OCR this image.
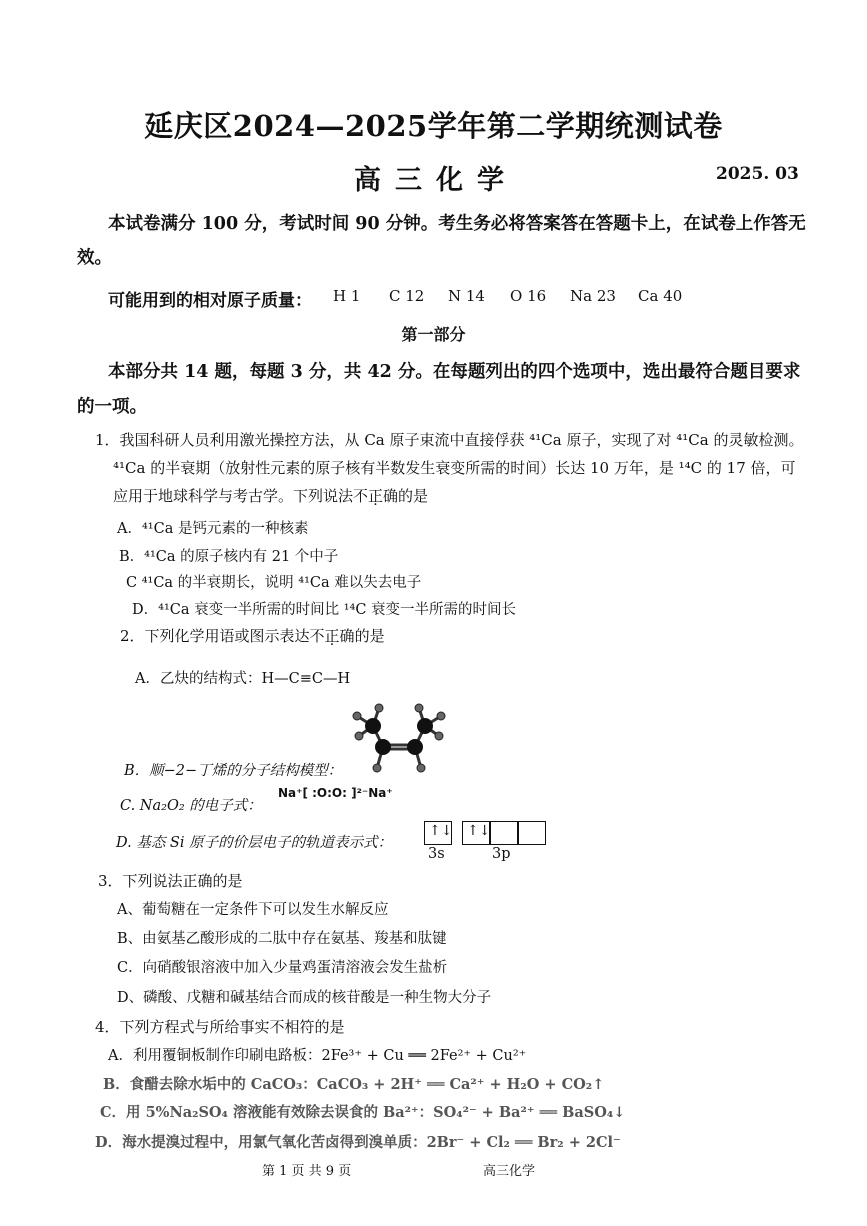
延庆区2024—2025学年第二学期统测试卷
高三化学	2025. 03
本试卷满分 100 分，考试时间 90 分钟。考生务必将答案答在答题卡上，在试卷上作答无
效。
可能用到的相对原子质量： H 1 C 12 N 14 O 16 Na 23 Ca 40
第一部分
本部分共 14 题，每题 3 分，共 42 分。在每题列出的四个选项中，选出最符合题目要求
的一项。
1．我国科研人员利用激光操控方法，从 Ca 原子束流中直接俘获 ⁴¹Ca 原子，实现了对 ⁴¹Ca 的灵敏检测。
⁴¹Ca 的半衰期（放射性元素的原子核有半数发生衰变所需的时间）长达 10 万年，是 ¹⁴C 的 17 倍，可
应用于地球科学与考古学。下列说法不正确的是
A．⁴¹Ca 是钙元素的一种核素
B．⁴¹Ca 的原子核内有 21 个中子
C ⁴¹Ca 的半衰期长，说明 ⁴¹Ca 难以失去电子
D．⁴¹Ca 衰变一半所需的时间比 ¹⁴C 衰变一半所需的时间长
2．下列化学用语或图示表达不正确的是
A．乙炔的结构式：H—C≡C—H
B．顺−2−丁烯的分子结构模型：
C. Na₂O₂ 的电子式：
Na⁺[ :O:O: ]²⁻Na⁺
D. 基态 Si 原子的价层电子的轨道表示式：
↑↓ ↑↓
3s	3p
3．下列说法正确的是
A、葡萄糖在一定条件下可以发生水解反应
B、由氨基乙酸形成的二肽中存在氨基、羧基和肽键
C．向硝酸银溶液中加入少量鸡蛋清溶液会发生盐析
D、磷酸、戊糖和碱基结合而成的核苷酸是一种生物大分子
4．下列方程式与所给事实不相符的是
A．利用覆铜板制作印刷电路板：2Fe³⁺ + Cu ══ 2Fe²⁺ + Cu²⁺
B．食醋去除水垢中的 CaCO₃：CaCO₃ + 2H⁺ ══ Ca²⁺ + H₂O + CO₂↑
C．用 5%Na₂SO₄ 溶液能有效除去误食的 Ba²⁺：SO₄²⁻ + Ba²⁺ ══ BaSO₄↓
D．海水提溴过程中，用氯气氧化苦卤得到溴单质：2Br⁻ + Cl₂ ══ Br₂ + 2Cl⁻
第 1 页 共 9 页	高三化学
